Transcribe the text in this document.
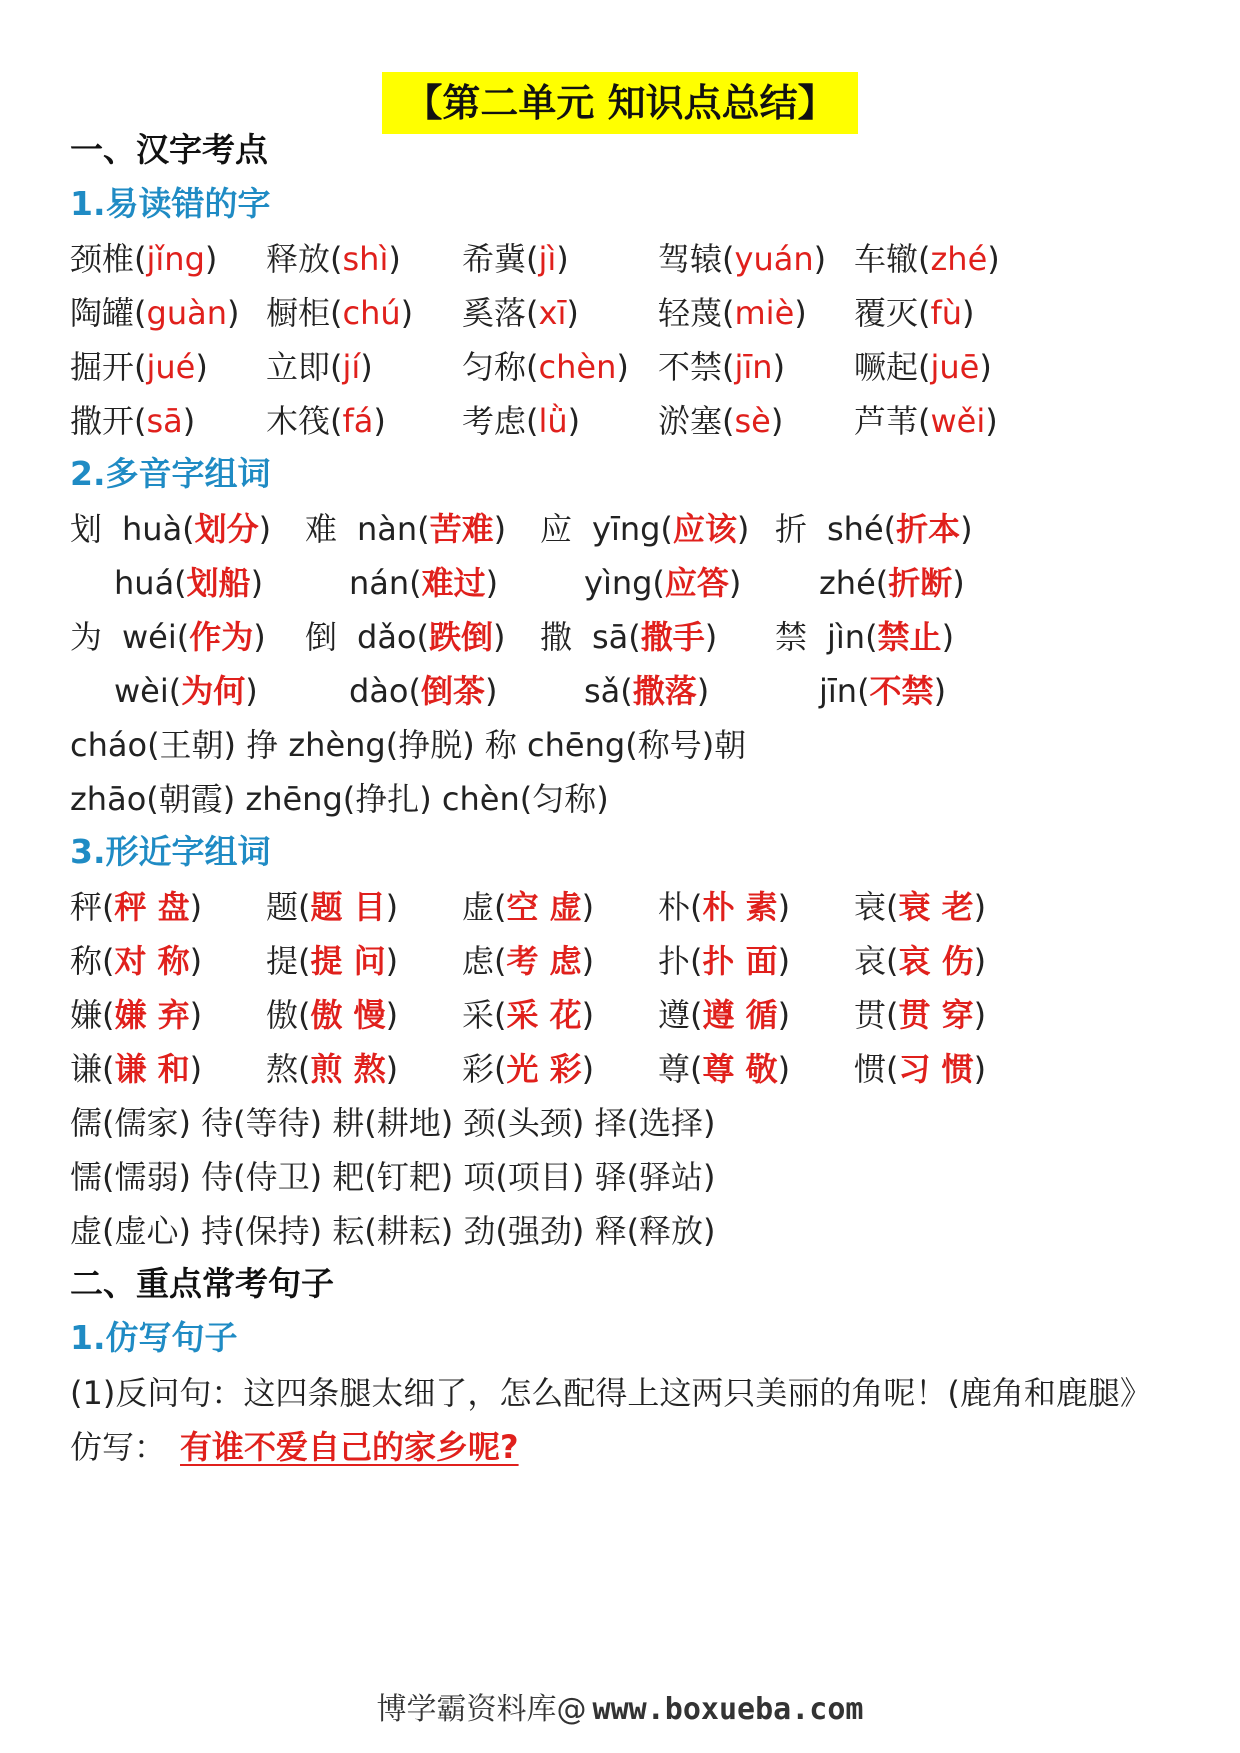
【第二单元 知识点总结】
一、汉字考点
1.易读错的字
颈椎(jǐng) 释放(shì) 希冀(jì)	驾辕(yuán) 车辙(zhé)
陶罐(guàn) 橱柜(chú) 奚落(xī) 轻蔑(miè) 覆灭(fù)
掘开(jué) 立即(jí)	匀称(chèn) 不禁(jīn) 噘起(juē)
撒开(sā) 木筏(fá) 考虑(lǜ) 淤塞(sè) 芦苇(wěi)
2.多音字组词
划 huà(划分) 难 nàn(苦难) 应 yīng(应该) 折 shé(折本)
huá(划船)	nán(难过)	yìng(应答) zhé(折断)
为 wéi(作为) 倒 dǎo(跌倒) 撒 sā(撒手) 禁 jìn(禁止)
wèi(为何)	dào(倒茶)	sǎ(撒落)	jīn(不禁)
cháo(王朝) 挣 zhèng(挣脱) 称 chēng(称号)朝
zhāo(朝霞) zhēng(挣扎) chèn(匀称)
3.形近字组词
秤(秤 盘) 题(题 目) 虚(空 虚) 朴(朴 素) 衰(衰 老)
称(对 称) 提(提 问) 虑(考 虑) 扑(扑 面) 哀(哀 伤)
嫌(嫌 弃) 傲(傲 慢) 采(采 花) 遵(遵 循) 贯(贯 穿)
谦(谦 和) 熬(煎 熬) 彩(光 彩) 尊(尊 敬) 惯(习 惯)
儒(儒家) 待(等待) 耕(耕地) 颈(头颈) 择(选择)
懦(懦弱) 侍(侍卫) 耙(钉耙) 项(项目) 驿(驿站)
虚(虚心) 持(保持) 耘(耕耘) 劲(强劲) 释(释放)
二、重点常考句子
1.仿写句子
(1)反问句：这四条腿太细了，怎么配得上这两只美丽的角呢！(鹿角和鹿腿》
仿写： 有谁不爱自己的家乡呢?
博学霸资料库@ www.boxueba.com
